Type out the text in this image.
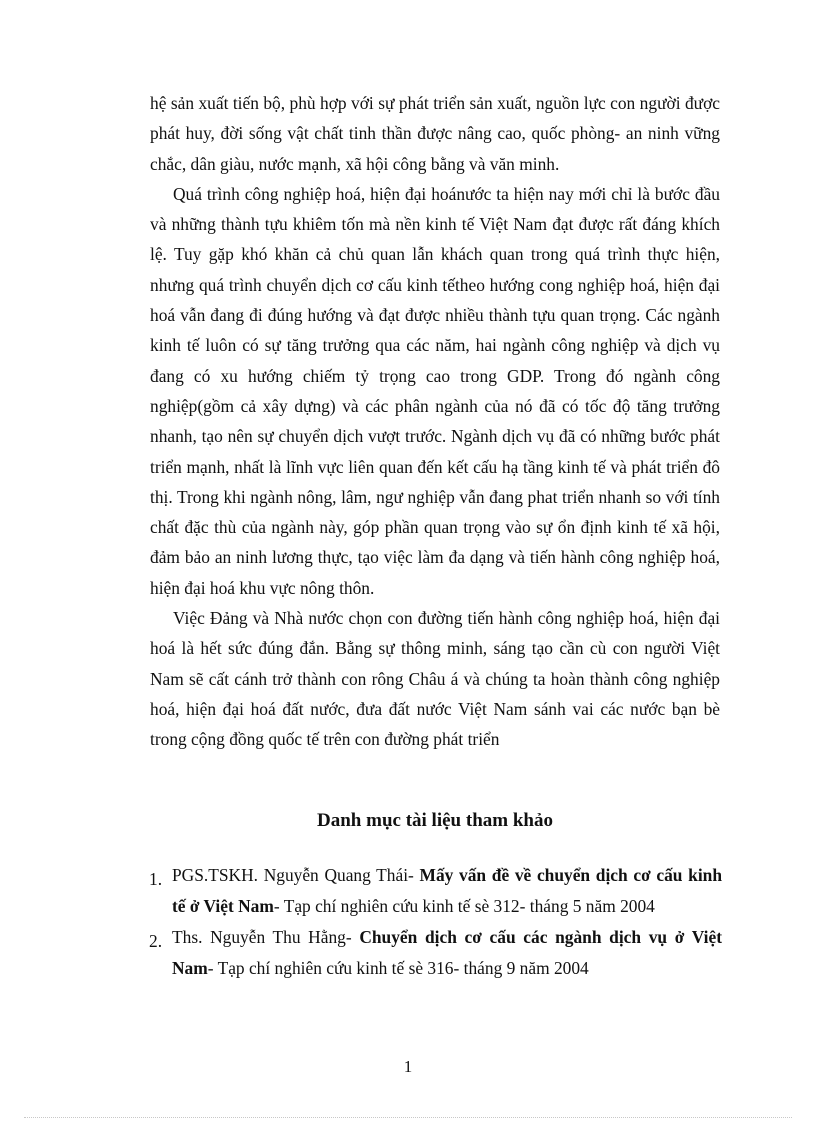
hệ sản xuất tiến bộ, phù hợp với sự phát triển sản xuất, nguồn lực con người được phát huy, đời sống vật chất tinh thần được nâng cao, quốc phòng- an ninh vững chắc, dân giàu, nước mạnh, xã hội công bằng và văn minh.

Quá trình công nghiệp hoá, hiện đại hoánước ta hiện nay mới chỉ là bước đầu và những thành tựu khiêm tốn mà nền kinh tế Việt Nam đạt được rất đáng khích lệ. Tuy gặp khó khăn cả chủ quan lẫn khách quan trong quá trình thực hiện, nhưng quá trình chuyển dịch cơ cấu kinh tếtheo hướng cong nghiệp hoá, hiện đại hoá vẫn đang đi đúng hướng và đạt được nhiều thành tựu quan trọng. Các ngành kinh tế luôn có sự tăng trưởng qua các năm, hai ngành công nghiệp và dịch vụ đang có xu hướng chiếm tỷ trọng cao trong GDP. Trong đó ngành công nghiệp(gồm cả xây dựng) và các phân ngành của nó đã có tốc độ tăng trưởng nhanh, tạo nên sự chuyển dịch vượt trước. Ngành dịch vụ đã có những bước phát triển mạnh, nhất là lĩnh vực liên quan đến kết cấu hạ tầng kinh tế và phát triển đô thị. Trong khi ngành nông, lâm, ngư nghiệp vẫn đang phat triển nhanh so với tính chất đặc thù của ngành này, góp phần quan trọng vào sự ổn định kinh tế xã hội, đảm bảo an ninh lương thực, tạo việc làm đa dạng và tiến hành công nghiệp hoá, hiện đại hoá khu vực nông thôn.

Việc Đảng và Nhà nước chọn con đường tiến hành công nghiệp hoá, hiện đại hoá là hết sức đúng đắn. Bằng sự thông minh, sáng tạo cần cù con người Việt Nam sẽ cất cánh trở thành con rông Châu á và chúng ta hoàn thành công nghiệp hoá, hiện đại hoá đất nước, đưa đất nước Việt Nam sánh vai các nước bạn bè trong cộng đồng quốc tế trên con đường phát triển

Danh mục tài liệu tham khảo
1. PGS.TSKH. Nguyễn Quang Thái- Mấy vấn đề về chuyển dịch cơ cấu kinh tế ở Việt Nam- Tạp chí nghiên cứu kinh tế sè 312- tháng 5 năm 2004
2. Ths. Nguyễn Thu Hằng- Chuyển dịch cơ cấu các ngành dịch vụ ở Việt Nam- Tạp chí nghiên cứu kinh tế sè 316- tháng 9 năm 2004
1
